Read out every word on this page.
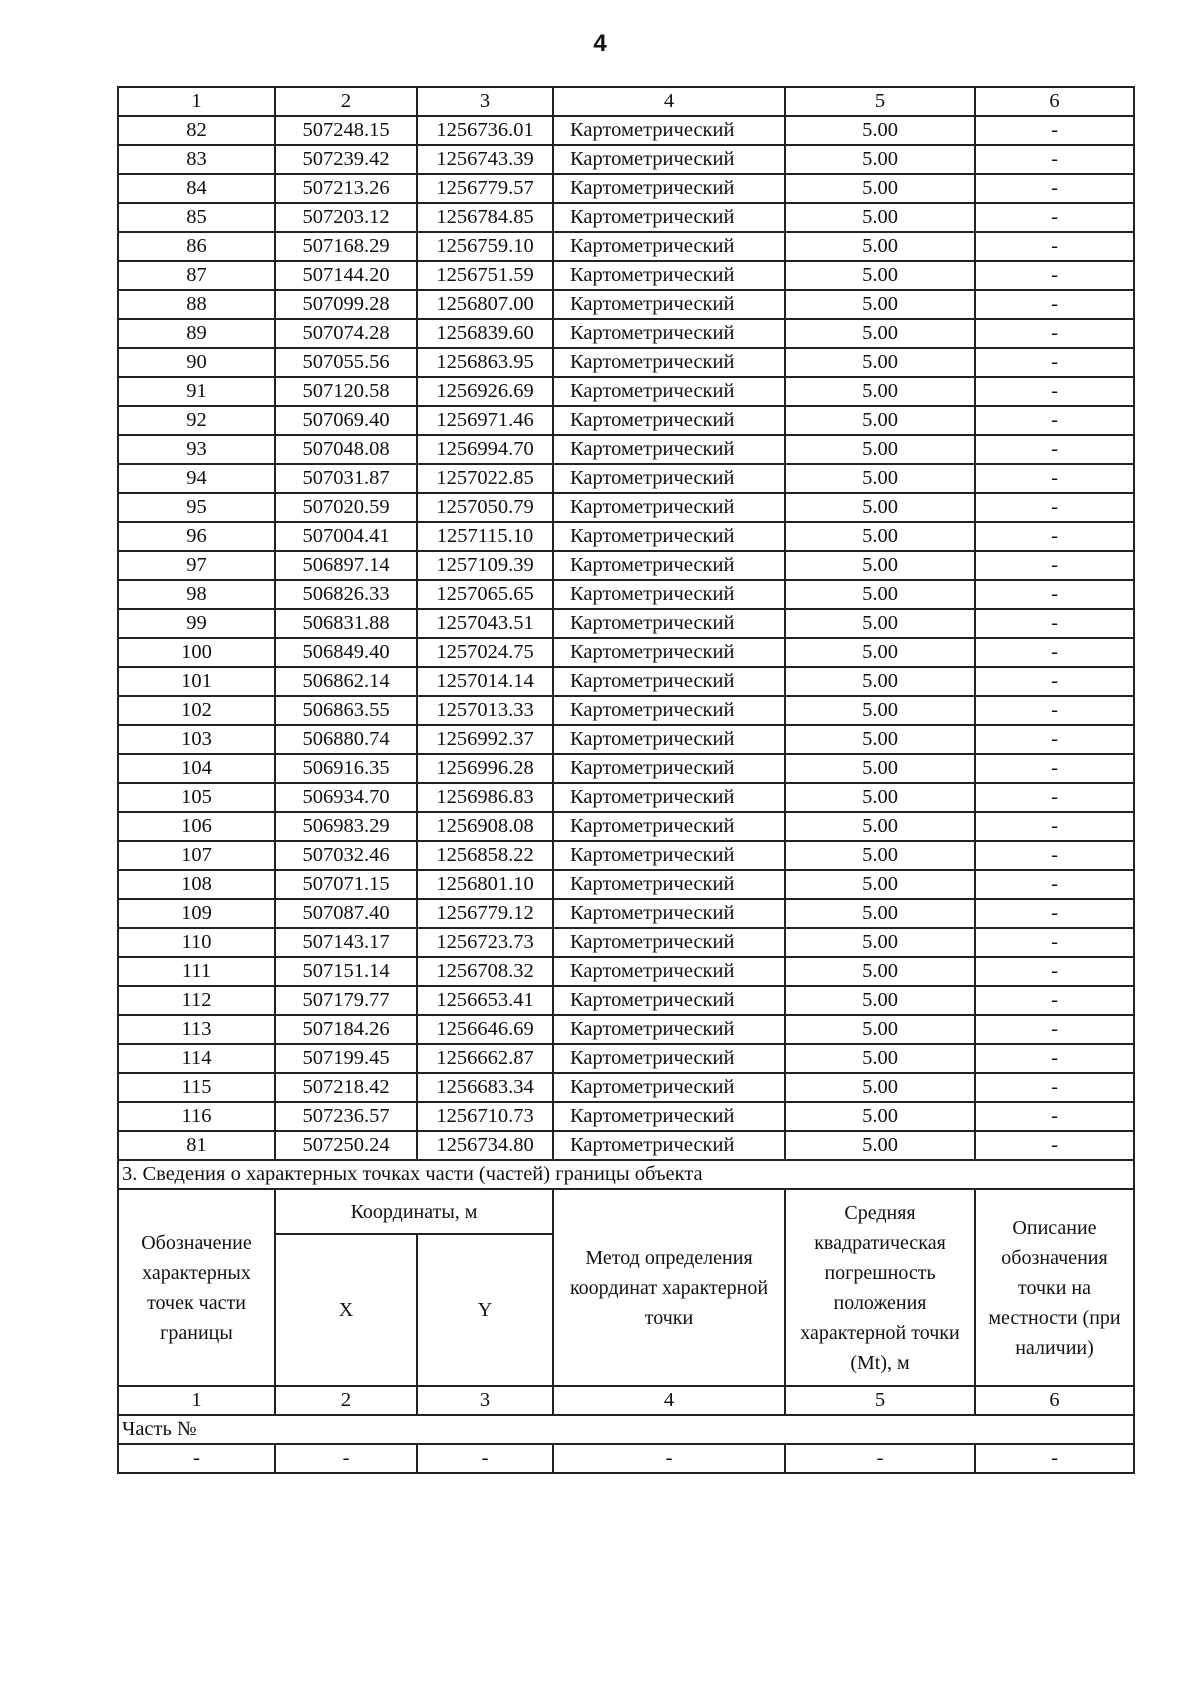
4
1	2	3	4	5	6
82	507248.15	1256736.01	Картометрический	5.00	-
83	507239.42	1256743.39	Картометрический	5.00	-
84	507213.26	1256779.57	Картометрический	5.00	-
85	507203.12	1256784.85	Картометрический	5.00	-
86	507168.29	1256759.10	Картометрический	5.00	-
87	507144.20	1256751.59	Картометрический	5.00	-
88	507099.28	1256807.00	Картометрический	5.00	-
89	507074.28	1256839.60	Картометрический	5.00	-
90	507055.56	1256863.95	Картометрический	5.00	-
91	507120.58	1256926.69	Картометрический	5.00	-
92	507069.40	1256971.46	Картометрический	5.00	-
93	507048.08	1256994.70	Картометрический	5.00	-
94	507031.87	1257022.85	Картометрический	5.00	-
95	507020.59	1257050.79	Картометрический	5.00	-
96	507004.41	1257115.10	Картометрический	5.00	-
97	506897.14	1257109.39	Картометрический	5.00	-
98	506826.33	1257065.65	Картометрический	5.00	-
99	506831.88	1257043.51	Картометрический	5.00	-
100	506849.40	1257024.75	Картометрический	5.00	-
101	506862.14	1257014.14	Картометрический	5.00	-
102	506863.55	1257013.33	Картометрический	5.00	-
103	506880.74	1256992.37	Картометрический	5.00	-
104	506916.35	1256996.28	Картометрический	5.00	-
105	506934.70	1256986.83	Картометрический	5.00	-
106	506983.29	1256908.08	Картометрический	5.00	-
107	507032.46	1256858.22	Картометрический	5.00	-
108	507071.15	1256801.10	Картометрический	5.00	-
109	507087.40	1256779.12	Картометрический	5.00	-
110	507143.17	1256723.73	Картометрический	5.00	-
111	507151.14	1256708.32	Картометрический	5.00	-
112	507179.77	1256653.41	Картометрический	5.00	-
113	507184.26	1256646.69	Картометрический	5.00	-
114	507199.45	1256662.87	Картометрический	5.00	-
115	507218.42	1256683.34	Картометрический	5.00	-
116	507236.57	1256710.73	Картометрический	5.00	-
81	507250.24	1256734.80	Картометрический	5.00	-
3. Сведения о характерных точках части (частей) границы объекта					
Обозначение характерных точек части границы	Координаты, м		Метод определения координат характерной точки	Средняя квадратическая погрешность положения характерной точки (Mt), м	Описание обозначения точки на местности (при наличии)
	X	Y			
1	2	3	4	5	6
Часть №					
-	-	-	-	-	-
